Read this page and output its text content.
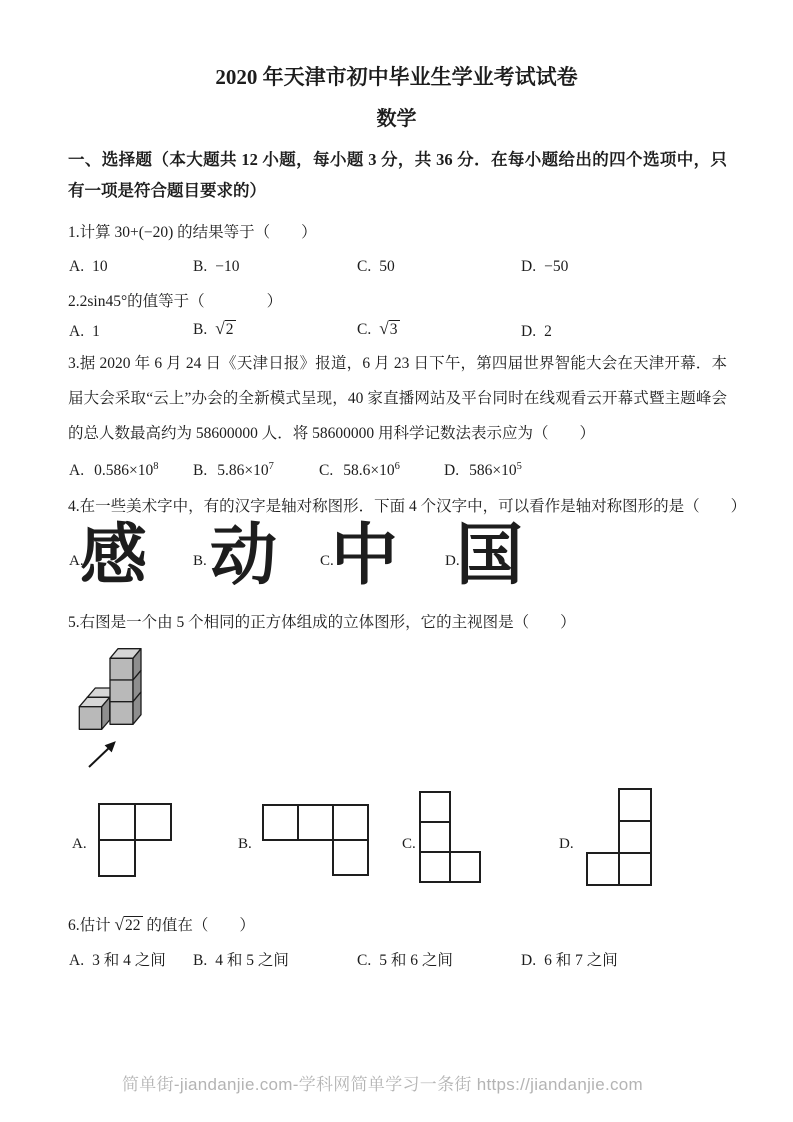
2020 年天津市初中毕业生学业考试试卷
数学
一、选择题（本大题共 12 小题，每小题 3 分，共 36 分．在每小题给出的四个选项中，只有一项是符合题目要求的）
1.计算 30+(−20) 的结果等于（　　）
A. 10	B. −10	C. 50	D. −50
2.2sin45°的值等于（　　　　）
A. 1	B. √2	C. √3	D. 2
3.据 2020 年 6 月 24 日《天津日报》报道，6 月 23 日下午，第四届世界智能大会在天津开幕．本届大会采取“云上”办会的全新模式呈现，40 家直播网站及平台同时在线观看云开幕式暨主题峰会的总人数最高约为 58600000 人．将 58600000 用科学记数法表示应为（　　）
A. $0.586\times 10^8$ B. $5.86\times 10^7$	C. $58.6\times 10^6$	D. $586\times 10^5$
4.在一些美术字中，有的汉字是轴对称图形．下面 4 个汉字中，可以看作是轴对称图形的是（　　）
A.
感	B. 动	C.
中	D.
国
5.右图是一个由 5 个相同的正方体组成的立体图形，它的主视图是（　　）
A.	B.	C.	D.
6.估计 √22 的值在（　　）
A. 3 和 4 之间 B. 4 和 5 之间	C. 5 和 6 之间	D. 6 和 7 之间
简单街-jiandanjie.com-学科网简单学习一条街 https://jiandanjie.com
